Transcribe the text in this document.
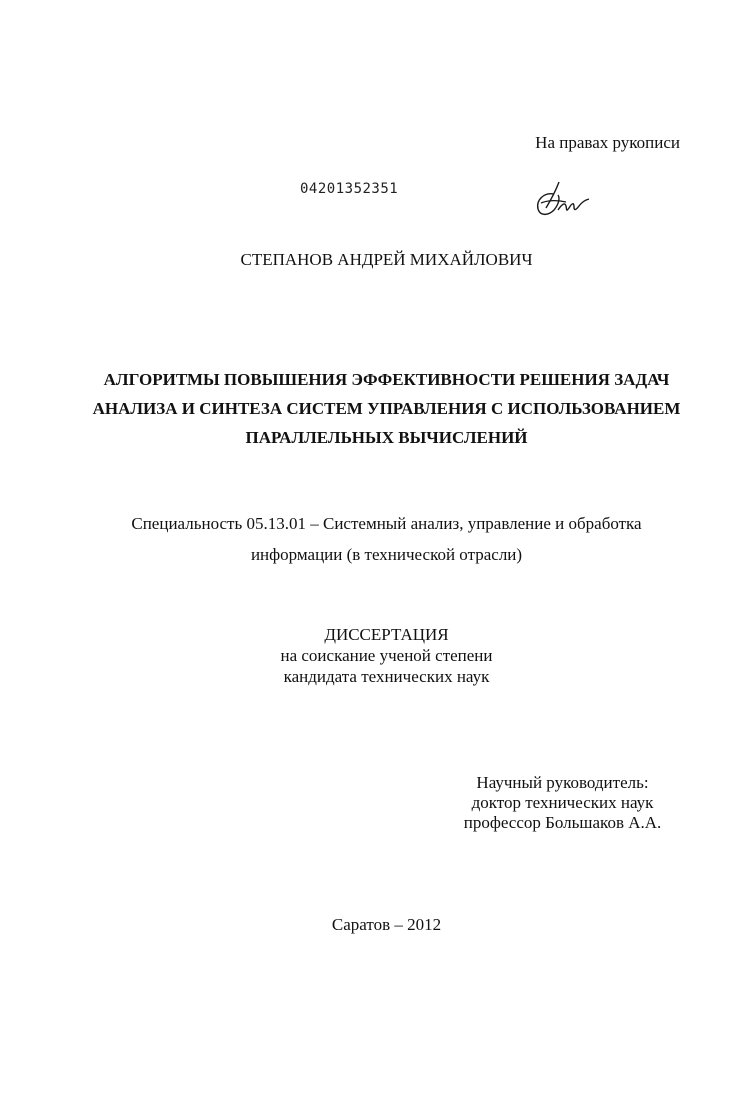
На правах рукописи
04201352351
СТЕПАНОВ АНДРЕЙ МИХАЙЛОВИЧ
АЛГОРИТМЫ ПОВЫШЕНИЯ ЭФФЕКТИВНОСТИ РЕШЕНИЯ ЗАДАЧ
АНАЛИЗА И СИНТЕЗА СИСТЕМ УПРАВЛЕНИЯ С ИСПОЛЬЗОВАНИЕМ
ПАРАЛЛЕЛЬНЫХ ВЫЧИСЛЕНИЙ
Специальность 05.13.01 – Системный анализ, управление и обработка
информации (в технической отрасли)
ДИССЕРТАЦИЯ
на соискание ученой степени
кандидата технических наук
Научный руководитель:
доктор технических наук
профессор Большаков А.А.
Саратов – 2012
